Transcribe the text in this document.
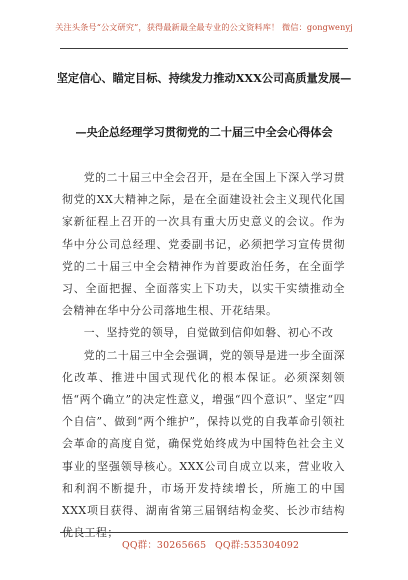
关注头条号“公文研究”，获得最新最全最专业的公文资料库！ 微信：gongwenyj
坚定信心、瞄定目标、持续发力推动XXX公司高质量发展—
—央企总经理学习贯彻党的二十届三中全会心得体会

党的二十届三中全会召开，是在全国上下深入学习贯彻党的XX大精神之际，是在全面建设社会主义现代化国家新征程上召开的一次具有重大历史意义的会议。作为华中分公司总经理、党委副书记，必须把学习宣传贯彻党的二十届三中全会精神作为首要政治任务，在全面学习、全面把握、全面落实上下功夫，以实干实绩推动全会精神在华中分公司落地生根、开花结果。

一、坚持党的领导，自觉做到信仰如磐、初心不改

党的二十届三中全会强调，党的领导是进一步全面深化改革、推进中国式现代化的根本保证。必须深刻领悟“两个确立”的决定性意义，增强“四个意识”、坚定“四个自信”、做到“两个维护”，保持以党的自我革命引领社会革命的高度自觉，确保党始终成为中国特色社会主义事业的坚强领导核心。XXX公司自成立以来，营业收入和利润不断提升，市场开发持续增长，所施工的中国XXX项目获得、湖南省第三届钢结构金奖、长沙市结构优良工程；

QQ群：30265665 QQ群:535304092
